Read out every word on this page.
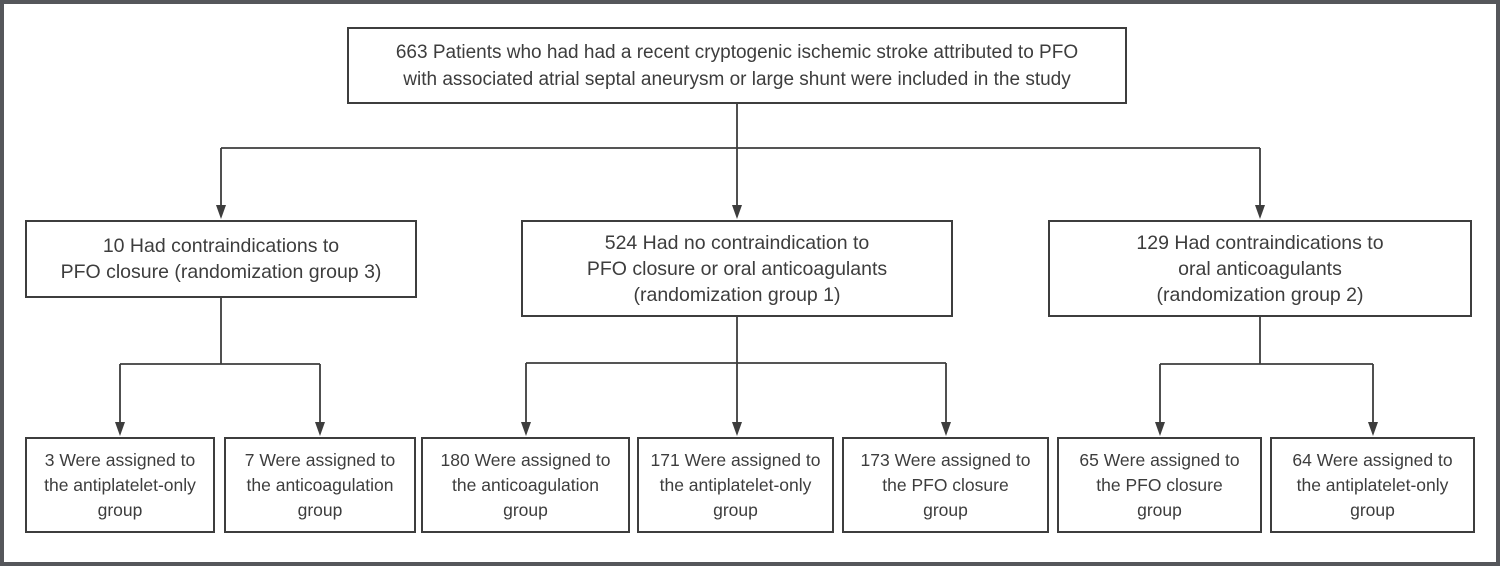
663 Patients who had had a recent cryptogenic ischemic stroke attributed to PFO
with associated atrial septal aneurysm or large shunt were included in the study
10 Had contraindications to
PFO closure (randomization group 3)
524 Had no contraindication to
PFO closure or oral anticoagulants
(randomization group 1)
129 Had contraindications to
oral anticoagulants
(randomization group 2)
3 Were assigned to
the antiplatelet-only
group
7 Were assigned to
the anticoagulation
group
180 Were assigned to
the anticoagulation
group
171 Were assigned to
the antiplatelet-only
group
173 Were assigned to
the PFO closure
group
65 Were assigned to
the PFO closure
group
64 Were assigned to
the antiplatelet-only
group
